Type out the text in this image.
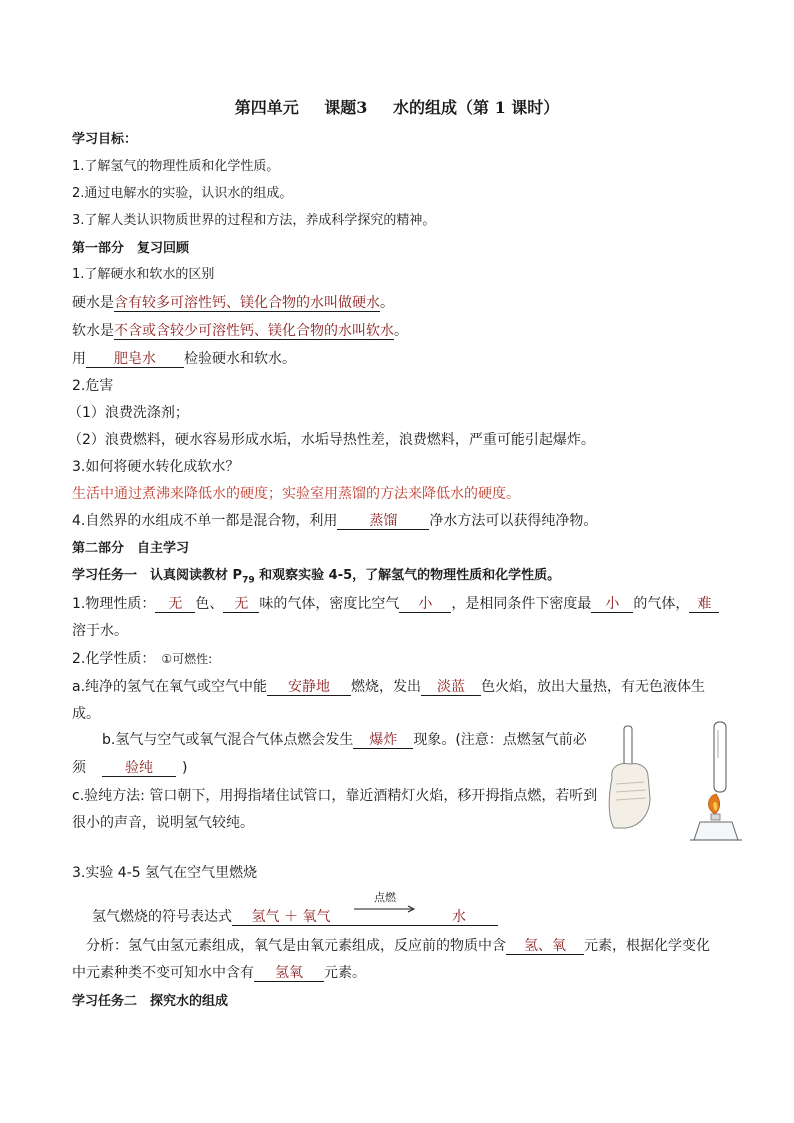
第四单元 课题3 水的组成（第 1 课时）
学习目标：
1.了解氢气的物理性质和化学性质。
2.通过电解水的实验，认识水的组成。
3.了解人类认识物质世界的过程和方法，养成科学探究的精神。
第一部分　复习回顾
1.了解硬水和软水的区别
硬水是含有较多可溶性钙、镁化合物的水叫做硬水。
软水是不含或含较少可溶性钙、镁化合物的水叫软水。
用 肥皂水 检验硬水和软水。
2.危害
（1）浪费洗涤剂；
（2）浪费燃料，硬水容易形成水垢，水垢导热性差，浪费燃料，严重可能引起爆炸。
3.如何将硬水转化成软水？
生活中通过煮沸来降低水的硬度；实验室用蒸馏的方法来降低水的硬度。
4.自然界的水组成不单一都是混合物，利用 蒸馏 净水方法可以获得纯净物。
第二部分　自主学习
学习任务一　认真阅读教材 $P_{79}$ 和观察实验 4-5，了解氢气的物理性质和化学性质。
1.物理性质： 无 色、 无 味的气体，密度比空气 小 ，是相同条件下密度最 小 的气体， 难
溶于水。
2.化学性质： ①可燃性:
a.纯净的氢气在氧气或空气中能 安静地 燃烧，发出 淡蓝 色火焰，放出大量热，有无色液体生
成。
b.氢气与空气或氧气混合气体点燃会发生 爆炸 现象。(注意：点燃氢气前必
须	验纯 )
c.验纯方法: 管口朝下，用拇指堵住试管口，靠近酒精灯火焰，移开拇指点燃，若听到
很小的声音，说明氢气较纯。
3.实验 4-5 氢气在空气里燃烧
氢气燃烧的符号表达式 氢气 ＋ 氧气
点燃
水
分析：氢气由氢元素组成，氧气是由氧元素组成，反应前的物质中含 氢、氧 元素，根据化学变化
中元素种类不变可知水中含有 氢氧 元素。
学习任务二　探究水的组成
